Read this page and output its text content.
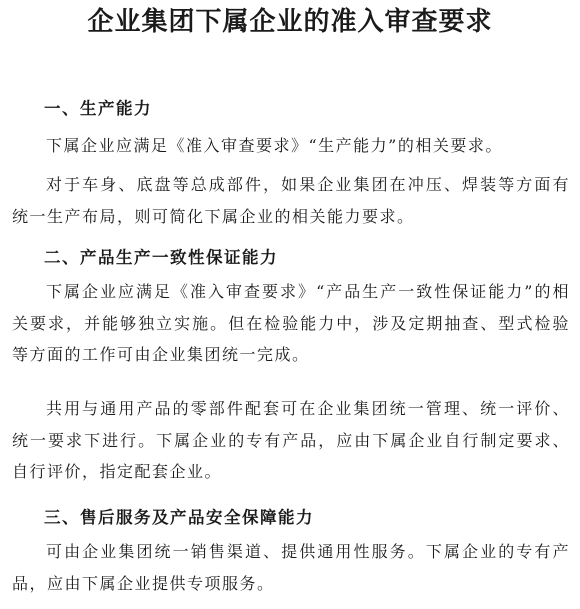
企业集团下属企业的准入审查要求
一、生产能力

下属企业应满足《准入审查要求》“生产能力”的相关要求。

对于车身、底盘等总成部件，如果企业集团在冲压、焊装等方面有统一生产布局，则可简化下属企业的相关能力要求。

二、产品生产一致性保证能力

下属企业应满足《准入审查要求》“产品生产一致性保证能力”的相关要求，并能够独立实施。但在检验能力中，涉及定期抽查、型式检验等方面的工作可由企业集团统一完成。

共用与通用产品的零部件配套可在企业集团统一管理、统一评价、统一要求下进行。下属企业的专有产品，应由下属企业自行制定要求、自行评价，指定配套企业。

三、售后服务及产品安全保障能力

可由企业集团统一销售渠道、提供通用性服务。下属企业的专有产品，应由下属企业提供专项服务。
